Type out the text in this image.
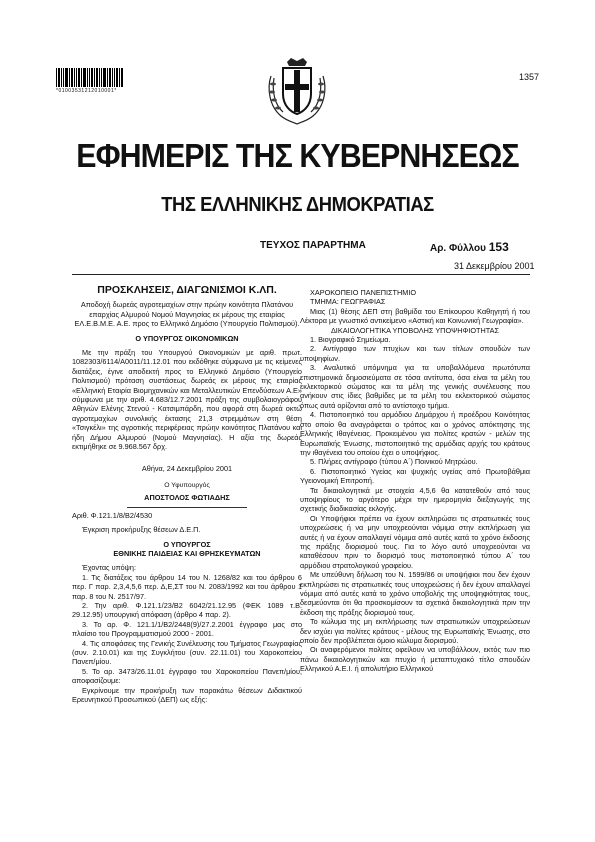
*01003531212010001*
1357
ΕΦΗΜΕΡΙΣ ΤΗΣ ΚΥΒΕΡΝΗΣΕΩΣ
ΤΗΣ ΕΛΛΗΝΙΚΗΣ ΔΗΜΟΚΡΑΤΙΑΣ
ΤΕΥΧΟΣ ΠΑΡΑΡΤΗΜΑ	Αρ. Φύλλου 153
31 Δεκεμβρίου 2001
ΠΡΟΣΚΛΗΣΕΙΣ, ΔΙΑΓΩΝΙΣΜΟΙ Κ.ΛΠ.

Αποδοχή δωρεάς αγροτεμαχίων στην πρώην κοινότητα Πλατάνου επαρχίας Αλμυρού Νομού Μαγνησίας εκ μέρους της εταιρίας ΕΛ.Ε.Β.Μ.Ε. Α.Ε. προς το Ελληνικό Δημόσιο (Υπουργείο Πολιτισμού).

Ο ΥΠΟΥΡΓΟΣ ΟΙΚΟΝΟΜΙΚΩΝ

Με την πράξη του Υπουργού Οικονομικών με αριθ. πρωτ. 1082303/6114/Α0011/11.12.01 που εκδόθηκε σύμφωνα με τις κείμενες διατάξεις, έγινε αποδεκτή προς το Ελληνικό Δημόσιο (Υπουργείο Πολιτισμού) πρόταση συστάσεως δωρεάς εκ μέρους της εταιρίας «Ελληνική Εταιρία Βιομηχανικών και Μεταλλευτικών Επενδύσεων Α.Ε» σύμφωνα με την αριθ. 4.683/12.7.2001 πράξη της συμβολαιογράφου Αθηνών Ελένης Στενού - Κατσιμπάρδη, που αφορά στη δωρεά οκτώ αγροτεμαχίων συνολικής έκτασης 21,3 στρεμμάτων στη θέση «Τσιγκέλι» της αγροτικής περιφέρειας πρώην κοινότητας Πλατάνου και ήδη Δήμου Αλμυρού (Νομού Μαγνησίας). Η αξία της δωρεάς εκτιμήθηκε σε 9.968.567 δρχ.

Αθήνα, 24 Δεκεμβρίου 2001

Ο Υφυπουργός

ΑΠΟΣΤΟΛΟΣ ΦΩΤΙΑΔΗΣ

Αριθ. Φ.121.1/8/Β2/4530

Έγκριση προκήρυξης θέσεων Δ.Ε.Π.

Ο ΥΠΟΥΡΓΟΣ

ΕΘΝΙΚΗΣ ΠΑΙΔΕΙΑΣ ΚΑΙ ΘΡΗΣΚΕΥΜΑΤΩΝ

Έχοντας υπόψη:

1. Τις διατάξεις του άρθρου 14 του Ν. 1268/82 και του άρθρου 6 περ. Γ παρ. 2,3,4,5,6 περ. Δ,Ε,ΣΤ του Ν. 2083/1992 και του άρθρου 1 παρ. 8 του Ν. 2517/97.

2. Την αριθ. Φ.121.1/23/Β2 6042/21.12.95 (ΦΕΚ 1089 τ.Β. 29.12.95) υπουργική απόφαση (άρθρο 4 παρ. 2).

3. Το αρ. Φ. 121.1/1/Β2/2448(9)/27.2.2001 έγγραφο μας στο πλαίσιο του Προγραμματισμού 2000 - 2001.

4. Τις αποφάσεις της Γενικής Συνέλευσης του Τμήματος Γεωγραφίας (συν. 2.10.01) και της Συγκλήτου (συν. 22.11.01) του Χαροκοπείου Πανεπ/μίου.

5. Το αρ. 3473/26.11.01 έγγραφο του Χαροκοπείου Πανεπ/μίου, αποφασίζουμε:

Εγκρίνουμε την προκήρυξη των παρακάτω θέσεων Διδακτικού Ερευνητικού Προσωπικού (ΔΕΠ) ως εξής:

ΧΑΡΟΚΟΠΕΙΟ ΠΑΝΕΠΙΣΤΗΜΙΟ

ΤΜΗΜΑ: ΓΕΩΓΡΑΦΙΑΣ

Μιας (1) θέσης ΔΕΠ στη βαθμίδα του Επίκουρου Καθηγητή ή του Λέκτορα με γνωστικό αντικείμενο «Αστική και Κοινωνική Γεωγραφία».

ΔΙΚΑΙΟΛΟΓΗΤΙΚΑ ΥΠΟΒΟΛΗΣ ΥΠΟΨΗΦΙΟΤΗΤΑΣ

1. Βιογραφικό Σημείωμα.

2. Αντίγραφο των πτυχίων και των τίτλων σπουδών των υποψηφίων.

3. Αναλυτικό υπόμνημα για τα υποβαλλόμενα πρωτότυπα επιστημονικά δημοσιεύματα σε τόσα αντίτυπα, όσα είναι τα μέλη του εκλεκτορικού σώματος και τα μέλη της γενικής συνέλευσης που ανήκουν στις ίδιες βαθμίδες με τα μέλη του εκλεκτορικού σώματος όπως αυτά ορίζονται από το αντίστοιχο τμήμα.

4. Πιστοποιητικό του αρμόδιου Δημάρχου ή προέδρου Κοινότητας στο οποίο θα αναγράφεται ο τρόπος και ο χρόνος απόκτησης της Ελληνικής Ιθαγένειας. Προκειμένου για πολίτες κρατών - μελών της Ευρωπαϊκής Ένωσης, πιστοποιητικό της αρμόδιας αρχής του κράτους την ιθαγένεια του οποίου έχει ο υποψήφιος.

5. Πλήρες αντίγραφο (τύπου Α΄) Ποινικού Μητρώου.

6. Πιστοποιητικό Υγείας και ψυχικής υγείας από Πρωτοβάθμια Υγειονομική Επιτροπή.

Τα δικαιολογητικά με στοιχεία 4,5,6 θα κατατεθούν από τους υποψηφίους το αργότερο μέχρι την ημερομηνία διεξαγωγής της σχετικής διαδικασίας εκλογής.

Οι Υποψήφιοι πρέπει να έχουν εκπληρώσει τις στρατιωτικές τους υποχρεώσεις ή να μην υποχρεούνται νόμιμα στην εκπλήρωση για αυτές ή να έχουν απαλλαγεί νόμιμα από αυτές κατά το χρόνο έκδοσης της πράξης διορισμού τους. Για το λόγο αυτό υποχρεούνται να καταθέσουν πριν το διορισμό τους πιστοποιητικό τύπου Α΄ του αρμόδιου στρατολογικού γραφείου.

Με υπεύθυνη δήλωση του Ν. 1599/86 οι υποψήφιοι που δεν έχουν εκπληρώσει τις στρατιωτικές τους υποχρεώσεις ή δεν έχουν απαλλαγεί νόμιμα από αυτές κατά το χρόνο υποβολής της υποψηφιότητας τους, δεσμεύονται ότι θα προσκομίσουν τα σχετικά δικαιολογητικά πριν την έκδοση της πράξης διορισμού τους.

Το κώλυμα της μη εκπλήρωσης των στρατιωτικών υποχρεώσεων δεν ισχύει για πολίτες κράτους - μέλους της Ευρωπαϊκής Ένωσης, στο οποίο δεν προβλέπεται όμοιο κώλυμα διορισμού.

Οι αναφερόμενοι πολίτες οφείλουν να υποβάλλουν, εκτός των πιο πάνω δικαιολογητικών και πτυχίο ή μεταπτυχιακό τίτλο σπουδών Ελληνικού Α.Ε.Ι. ή απολυτήριο Ελληνικού
